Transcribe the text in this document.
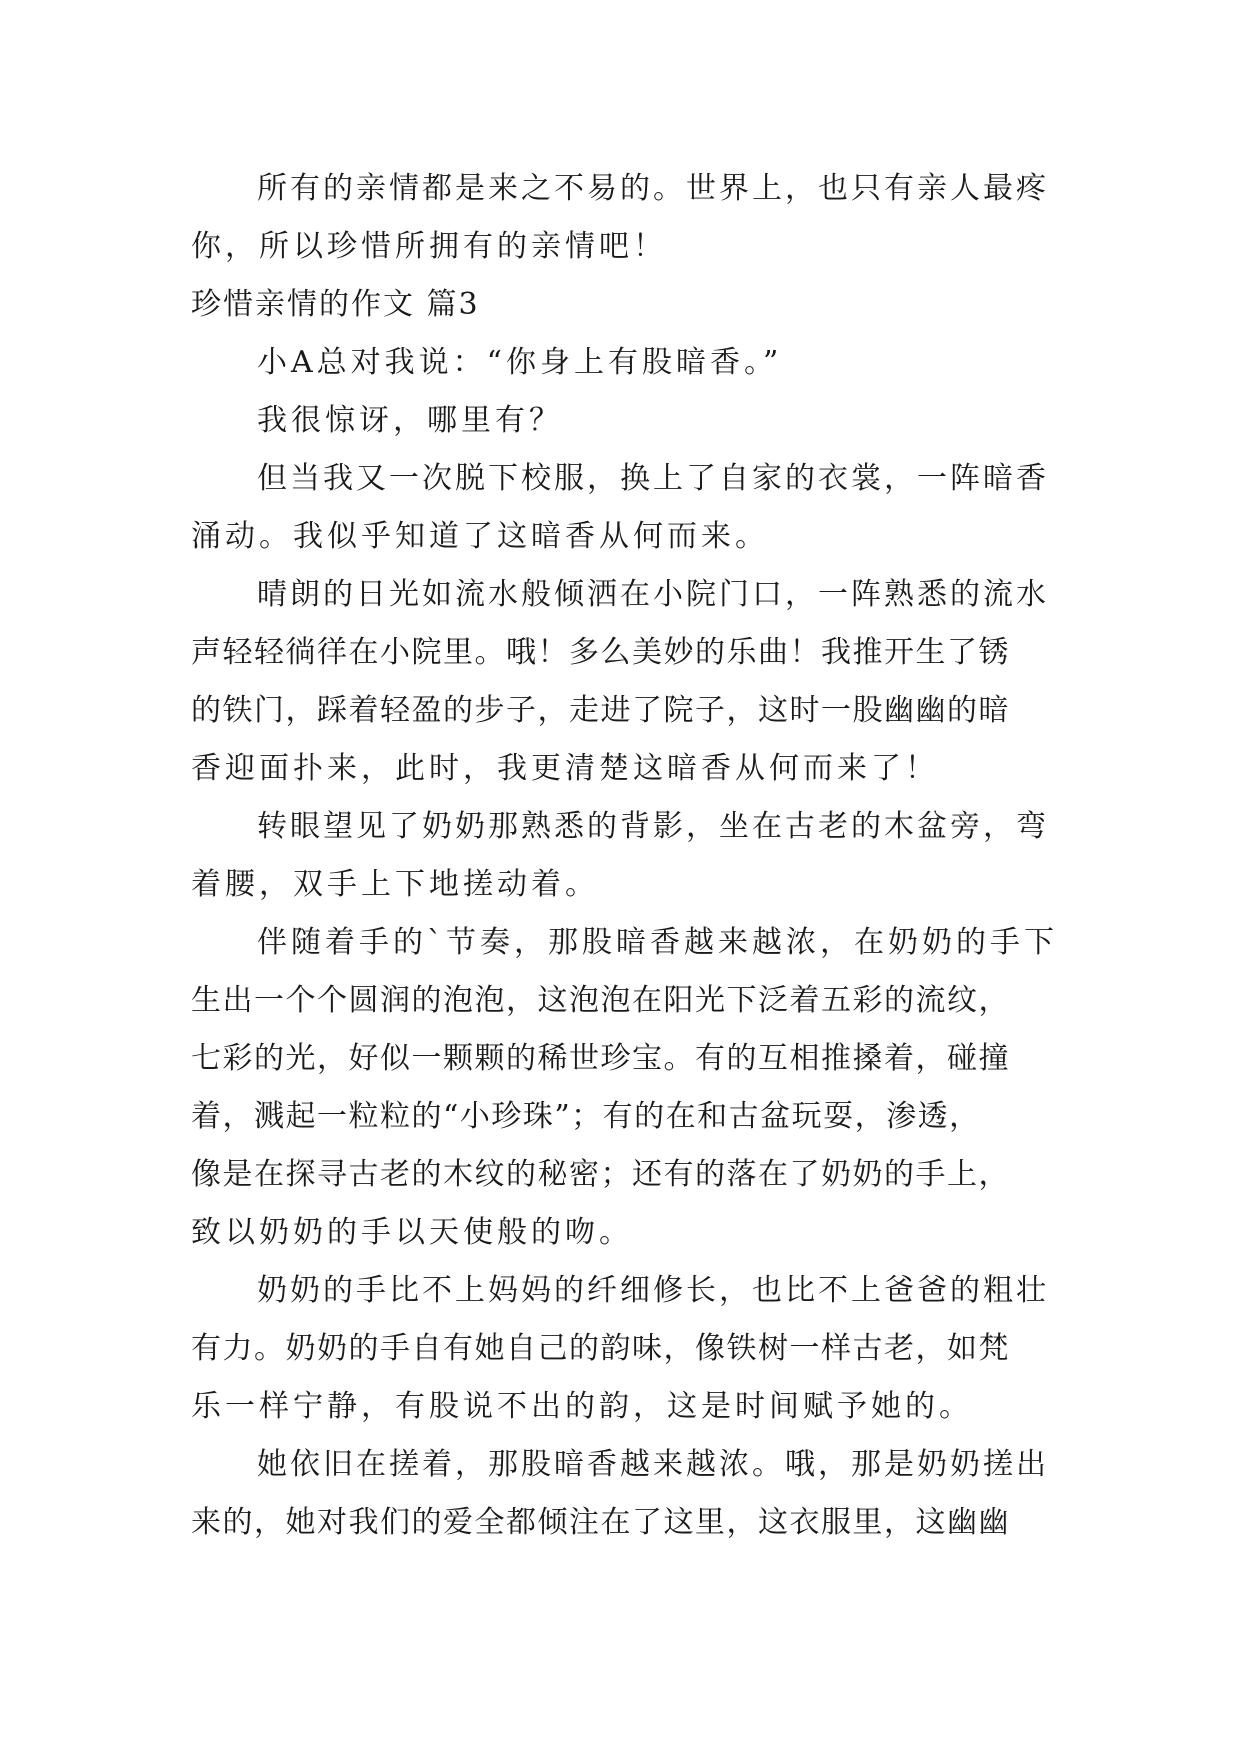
所有的亲情都是来之不易的。世界上，也只有亲人最疼
你，所以珍惜所拥有的亲情吧！
珍惜亲情的作文 篇3
小A总对我说：“你身上有股暗香。”
我很惊讶，哪里有？
但当我又一次脱下校服，换上了自家的衣裳，一阵暗香
涌动。我似乎知道了这暗香从何而来。
晴朗的日光如流水般倾洒在小院门口，一阵熟悉的流水
声轻轻徜徉在小院里。哦！多么美妙的乐曲！我推开生了锈
的铁门，踩着轻盈的步子，走进了院子，这时一股幽幽的暗
香迎面扑来，此时，我更清楚这暗香从何而来了！
转眼望见了奶奶那熟悉的背影，坐在古老的木盆旁，弯
着腰，双手上下地搓动着。
伴随着手的`节奏，那股暗香越来越浓，在奶奶的手下
生出一个个圆润的泡泡，这泡泡在阳光下泛着五彩的流纹，
七彩的光，好似一颗颗的稀世珍宝。有的互相推搡着，碰撞
着，溅起一粒粒的“小珍珠”；有的在和古盆玩耍，渗透，
像是在探寻古老的木纹的秘密；还有的落在了奶奶的手上，
致以奶奶的手以天使般的吻。
奶奶的手比不上妈妈的纤细修长，也比不上爸爸的粗壮
有力。奶奶的手自有她自己的韵味，像铁树一样古老，如梵
乐一样宁静，有股说不出的韵，这是时间赋予她的。
她依旧在搓着，那股暗香越来越浓。哦，那是奶奶搓出
来的，她对我们的爱全都倾注在了这里，这衣服里，这幽幽
